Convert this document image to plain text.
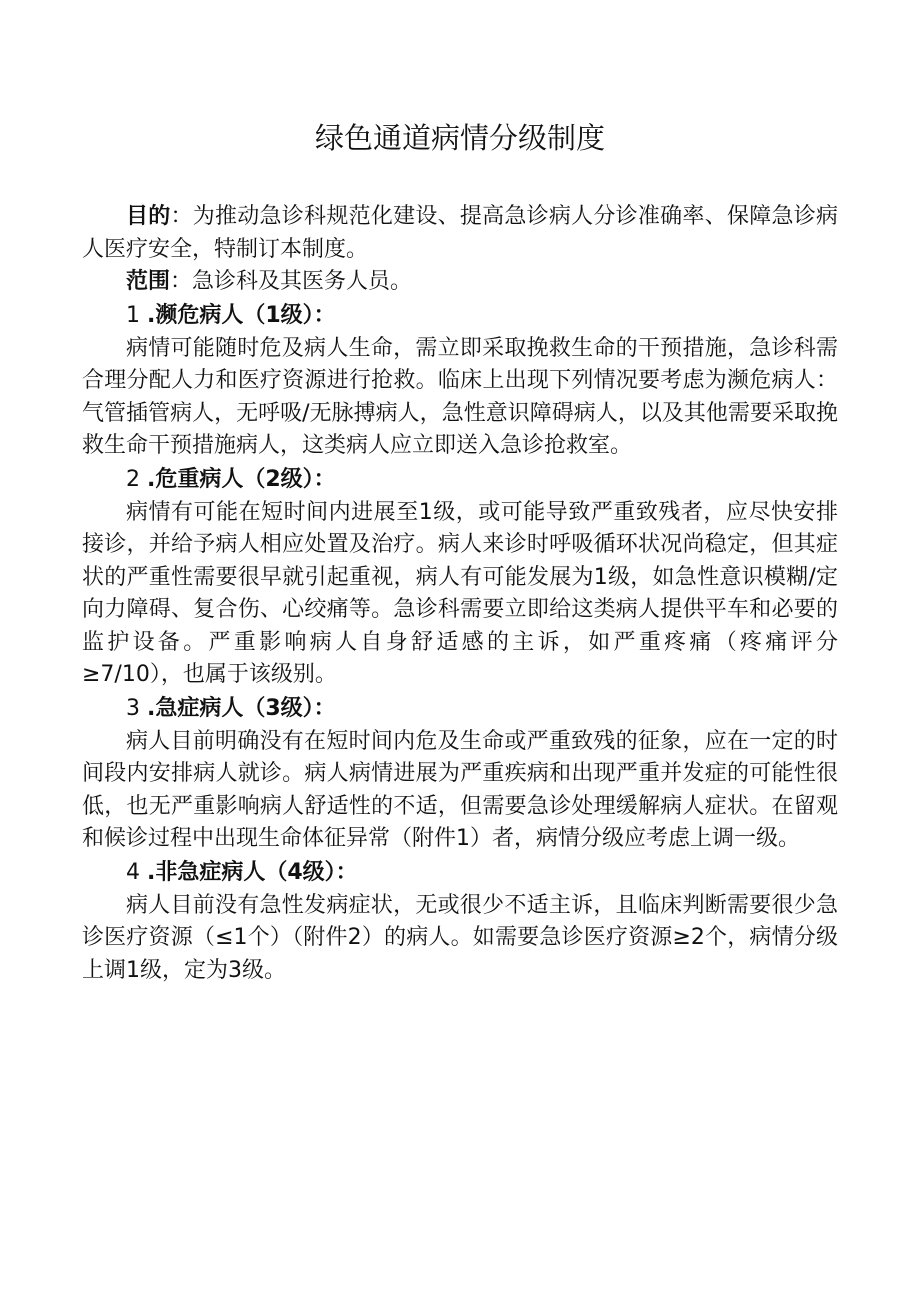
绿色通道病情分级制度

目的：为推动急诊科规范化建设、提高急诊病人分诊准确率、保障急诊病人医疗安全，特制订本制度。

范围：急诊科及其医务人员。

1 .濒危病人（1级）：

病情可能随时危及病人生命，需立即采取挽救生命的干预措施，急诊科需合理分配人力和医疗资源进行抢救。临床上出现下列情况要考虑为濒危病人：气管插管病人，无呼吸/无脉搏病人，急性意识障碍病人，以及其他需要采取挽救生命干预措施病人，这类病人应立即送入急诊抢救室。

2 .危重病人（2级）：

病情有可能在短时间内进展至1级，或可能导致严重致残者，应尽快安排接诊，并给予病人相应处置及治疗。病人来诊时呼吸循环状况尚稳定，但其症状的严重性需要很早就引起重视，病人有可能发展为1级，如急性意识模糊/定向力障碍、复合伤、心绞痛等。急诊科需要立即给这类病人提供平车和必要的监护设备。严重影响病人自身舒适感的主诉，如严重疼痛（疼痛评分≥7/10），也属于该级别。

3 .急症病人（3级）：

病人目前明确没有在短时间内危及生命或严重致残的征象，应在一定的时间段内安排病人就诊。病人病情进展为严重疾病和出现严重并发症的可能性很低，也无严重影响病人舒适性的不适，但需要急诊处理缓解病人症状。在留观和候诊过程中出现生命体征异常（附件1）者，病情分级应考虑上调一级。

4 .非急症病人（4级）：

病人目前没有急性发病症状，无或很少不适主诉，且临床判断需要很少急诊医疗资源（≤1个）（附件2）的病人。如需要急诊医疗资源≥2个，病情分级上调1级，定为3级。
